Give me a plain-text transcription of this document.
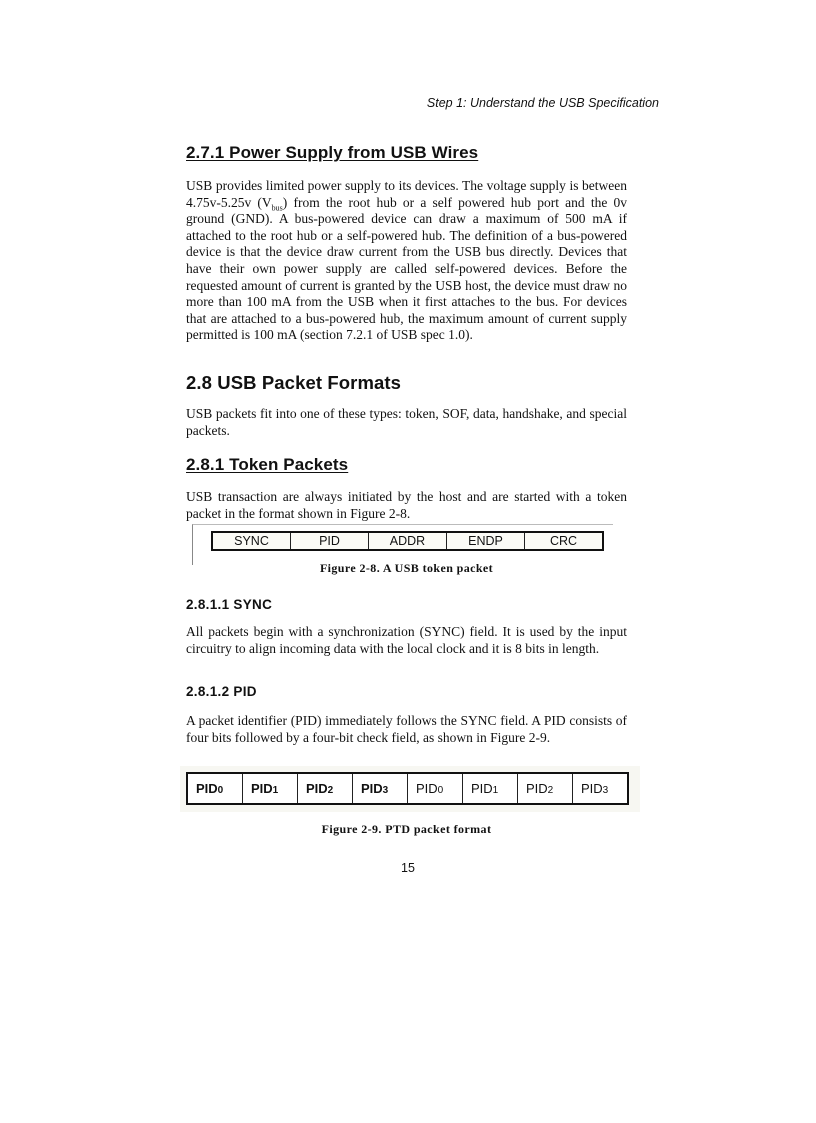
Step 1: Understand the USB Specification
2.7.1 Power Supply from USB Wires
USB provides limited power supply to its devices. The voltage supply is between 4.75v-5.25v $(V_{bus})$ from the root hub or a self powered hub port and the 0v ground (GND). A bus-powered device can draw a maximum of 500 mA if attached to the root hub or a self-powered hub. The definition of a bus-powered device is that the device draw current from the USB bus directly. Devices that have their own power supply are called self-powered devices. Before the requested amount of current is granted by the USB host, the device must draw no more than 100 mA from the USB when it first attaches to the bus. For devices that are attached to a bus-powered hub, the maximum amount of current supply permitted is 100 mA (section 7.2.1 of USB spec 1.0).
2.8 USB Packet Formats
USB packets fit into one of these types: token, SOF, data, handshake, and special packets.
2.8.1 Token Packets
USB transaction are always initiated by the host and are started with a token packet in the format shown in Figure 2-8.
SYNC	PID	ADDR	ENDP	CRC
Figure 2-8. A USB token packet
2.8.1.1 SYNC
All packets begin with a synchronization (SYNC) field. It is used by the input circuitry to align incoming data with the local clock and it is 8 bits in length.
2.8.1.2 PID
A packet identifier (PID) immediately follows the SYNC field. A PID consists of four bits followed by a four-bit check field, as shown in Figure 2-9.
$PID_0$ $PID_1$ $PID_2$ $PID_3$ $PID_0$ $PID_1$ $PID_2$ $PID_3$
Figure 2-9. PTD packet format
15
